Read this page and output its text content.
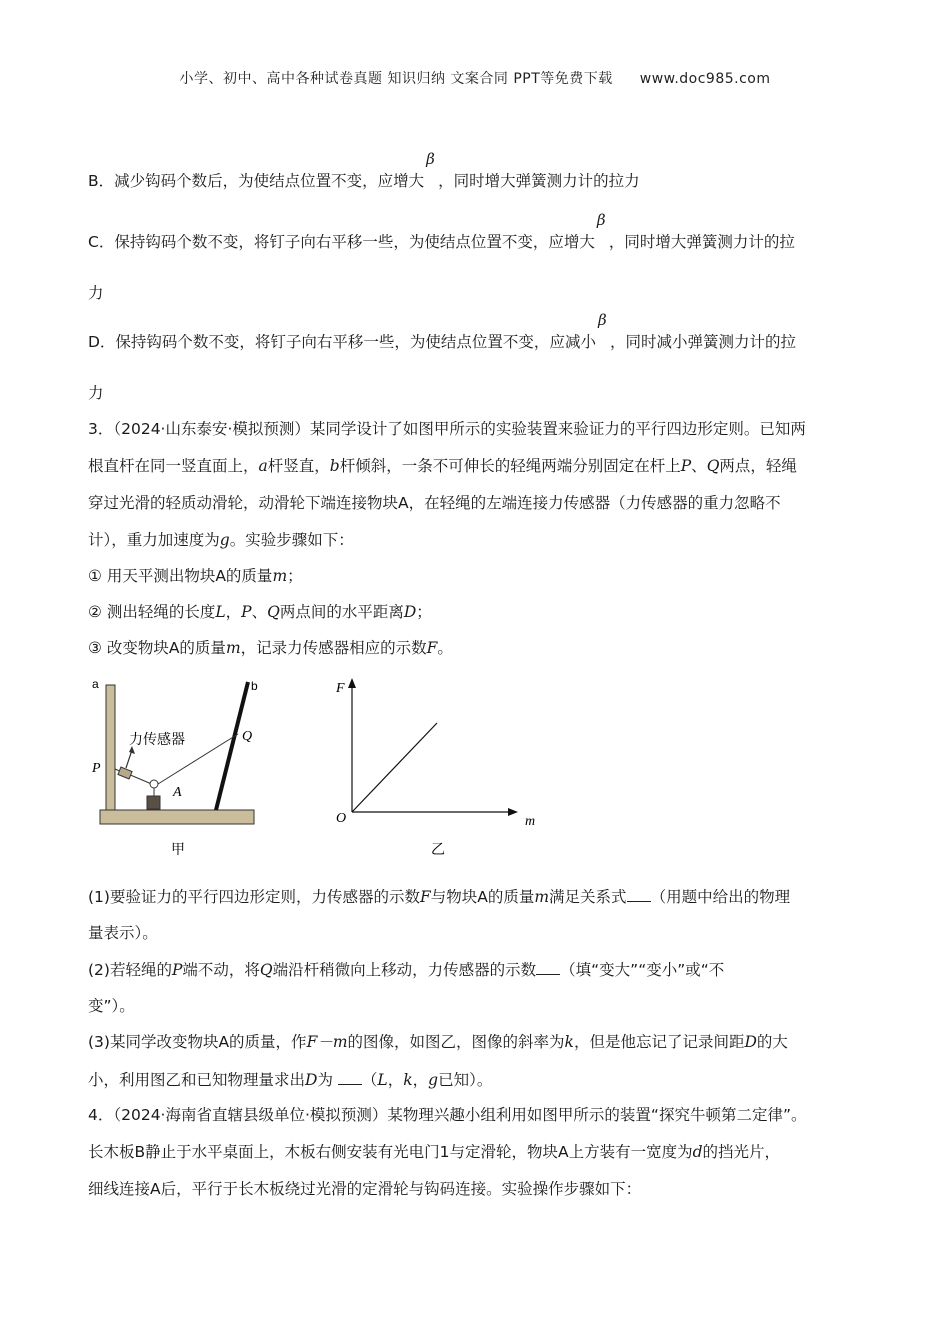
小学、初中、高中各种试卷真题 知识归纳 文案合同 PPT等免费下载 www.doc985.com
B．减少钩码个数后，为使结点位置不变，应增大
β
，同时增大弹簧测力计的拉力
C．保持钩码个数不变，将钉子向右平移一些，为使结点位置不变，应增大
β
，同时增大弹簧测力计的拉
力
D．保持钩码个数不变，将钉子向右平移一些，为使结点位置不变，应减小
β
，同时减小弹簧测力计的拉
力
3．（2024·山东泰安·模拟预测）某同学设计了如图甲所示的实验装置来验证力的平行四边形定则。已知两
根直杆在同一竖直面上，a杆竖直，b杆倾斜，一条不可伸长的轻绳两端分别固定在杆上P、Q两点，轻绳
穿过光滑的轻质动滑轮，动滑轮下端连接物块A，在轻绳的左端连接力传感器（力传感器的重力忽略不
计），重力加速度为g。实验步骤如下：
① 用天平测出物块A的质量m；
② 测出轻绳的长度L，P、Q两点间的水平距离D；
③ 改变物块A的质量m，记录力传感器相应的示数F。
a	b
P
Q
A
力传感器
甲
F
O	m
乙
(1)要验证力的平行四边形定则，力传感器的示数F与物块A的质量m满足关系式 （用题中给出的物理
量表示）。
(2)若轻绳的P端不动，将Q端沿杆稍微向上移动，力传感器的示数 （填“变大”“变小”或“不
变”）。
(3)某同学改变物块A的质量，作F－m的图像，如图乙，图像的斜率为k，但是他忘记了记录间距D的大
小，利用图乙和已知物理量求出D为 （L，k，g已知）。
4．（2024·海南省直辖县级单位·模拟预测）某物理兴趣小组利用如图甲所示的装置“探究牛顿第二定律”。
长木板B静止于水平桌面上，木板右侧安装有光电门1与定滑轮，物块A上方装有一宽度为d的挡光片，
细线连接A后，平行于长木板绕过光滑的定滑轮与钩码连接。实验操作步骤如下：
